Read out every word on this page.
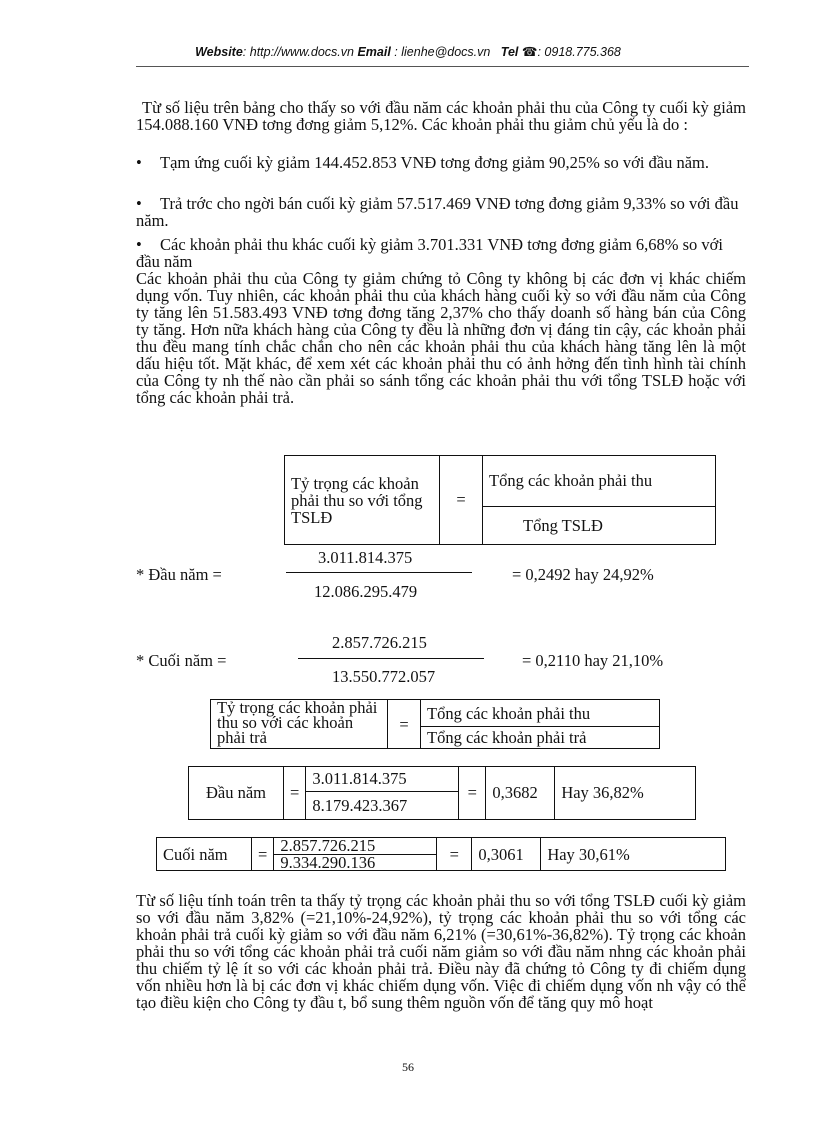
Website: http://www.docs.vn Email : lienhe@docs.vn Tel ☎: 0918.775.368
Từ số liệu trên bảng cho thấy so với đầu năm các khoản phải thu của Công ty cuối kỳ giảm 154.088.160 VNĐ tơng đơng giảm 5,12%. Các khoản phải thu giảm chủ yếu là do :
• Tạm ứng cuối kỳ giảm 144.452.853 VNĐ tơng đơng giảm 90,25% so với đầu năm.
• Trả trớc cho ngời bán cuối kỳ giảm 57.517.469 VNĐ tơng đơng giảm 9,33% so với đầu năm.
• Các khoản phải thu khác cuối kỳ giảm 3.701.331 VNĐ tơng đơng giảm 6,68% so với đầu năm
Các khoản phải thu của Công ty giảm chứng tỏ Công ty không bị các đơn vị khác chiếm dụng vốn. Tuy nhiên, các khoản phải thu của khách hàng cuối kỳ so với đầu năm của Công ty tăng lên 51.583.493 VNĐ tơng đơng tăng 2,37% cho thấy doanh số hàng bán của Công ty tăng. Hơn nữa khách hàng của Công ty đều là những đơn vị đáng tin cậy, các khoản phải thu đều mang tính chắc chắn cho nên các khoản phải thu của khách hàng tăng lên là một dấu hiệu tốt. Mặt khác, để xem xét các khoản phải thu có ảnh hởng đến tình hình tài chính của Công ty nh thế nào cần phải so sánh tổng các khoản phải thu với tổng TSLĐ hoặc với tổng các khoản phải trả.
Tỷ trọng các khoản phải thu so với tổng TSLĐ	=	Tổng các khoản phải thu
Tổng TSLĐ
* Đầu năm =
3.011.814.375
12.086.295.479
= 0,2492 hay 24,92%
* Cuối năm =
2.857.726.215
13.550.772.057
= 0,2110 hay 21,10%
Tỷ trọng các khoản phải thu so với các khoản phải trả	=	Tổng các khoản phải thu
Tổng các khoản phải trả
Đầu năm	=	3.011.814.375	=	0,3682	Hay 36,82%
8.179.423.367
Cuối năm	=	2.857.726.215	=	0,3061	Hay 30,61%
9.334.290.136
Từ số liệu tính toán trên ta thấy tỷ trọng các khoản phải thu so với tổng TSLĐ cuối kỳ giảm so với đầu năm 3,82% (=21,10%-24,92%), tỷ trọng các khoản phải thu so với tổng các khoản phải trả cuối kỳ giảm so với đầu năm 6,21% (=30,61%-36,82%). Tỷ trọng các khoản phải thu so với tổng các khoản phải trả cuối năm giảm so với đầu năm nhng các khoản phải thu chiếm tỷ lệ ít so với các khoản phải trả. Điều này đã chứng tỏ Công ty đi chiếm dụng vốn nhiều hơn là bị các đơn vị khác chiếm dụng vốn. Việc đi chiếm dụng vốn nh vậy có thể tạo điều kiện cho Công ty đầu t, bổ sung thêm nguồn vốn để tăng quy mô hoạt
56
